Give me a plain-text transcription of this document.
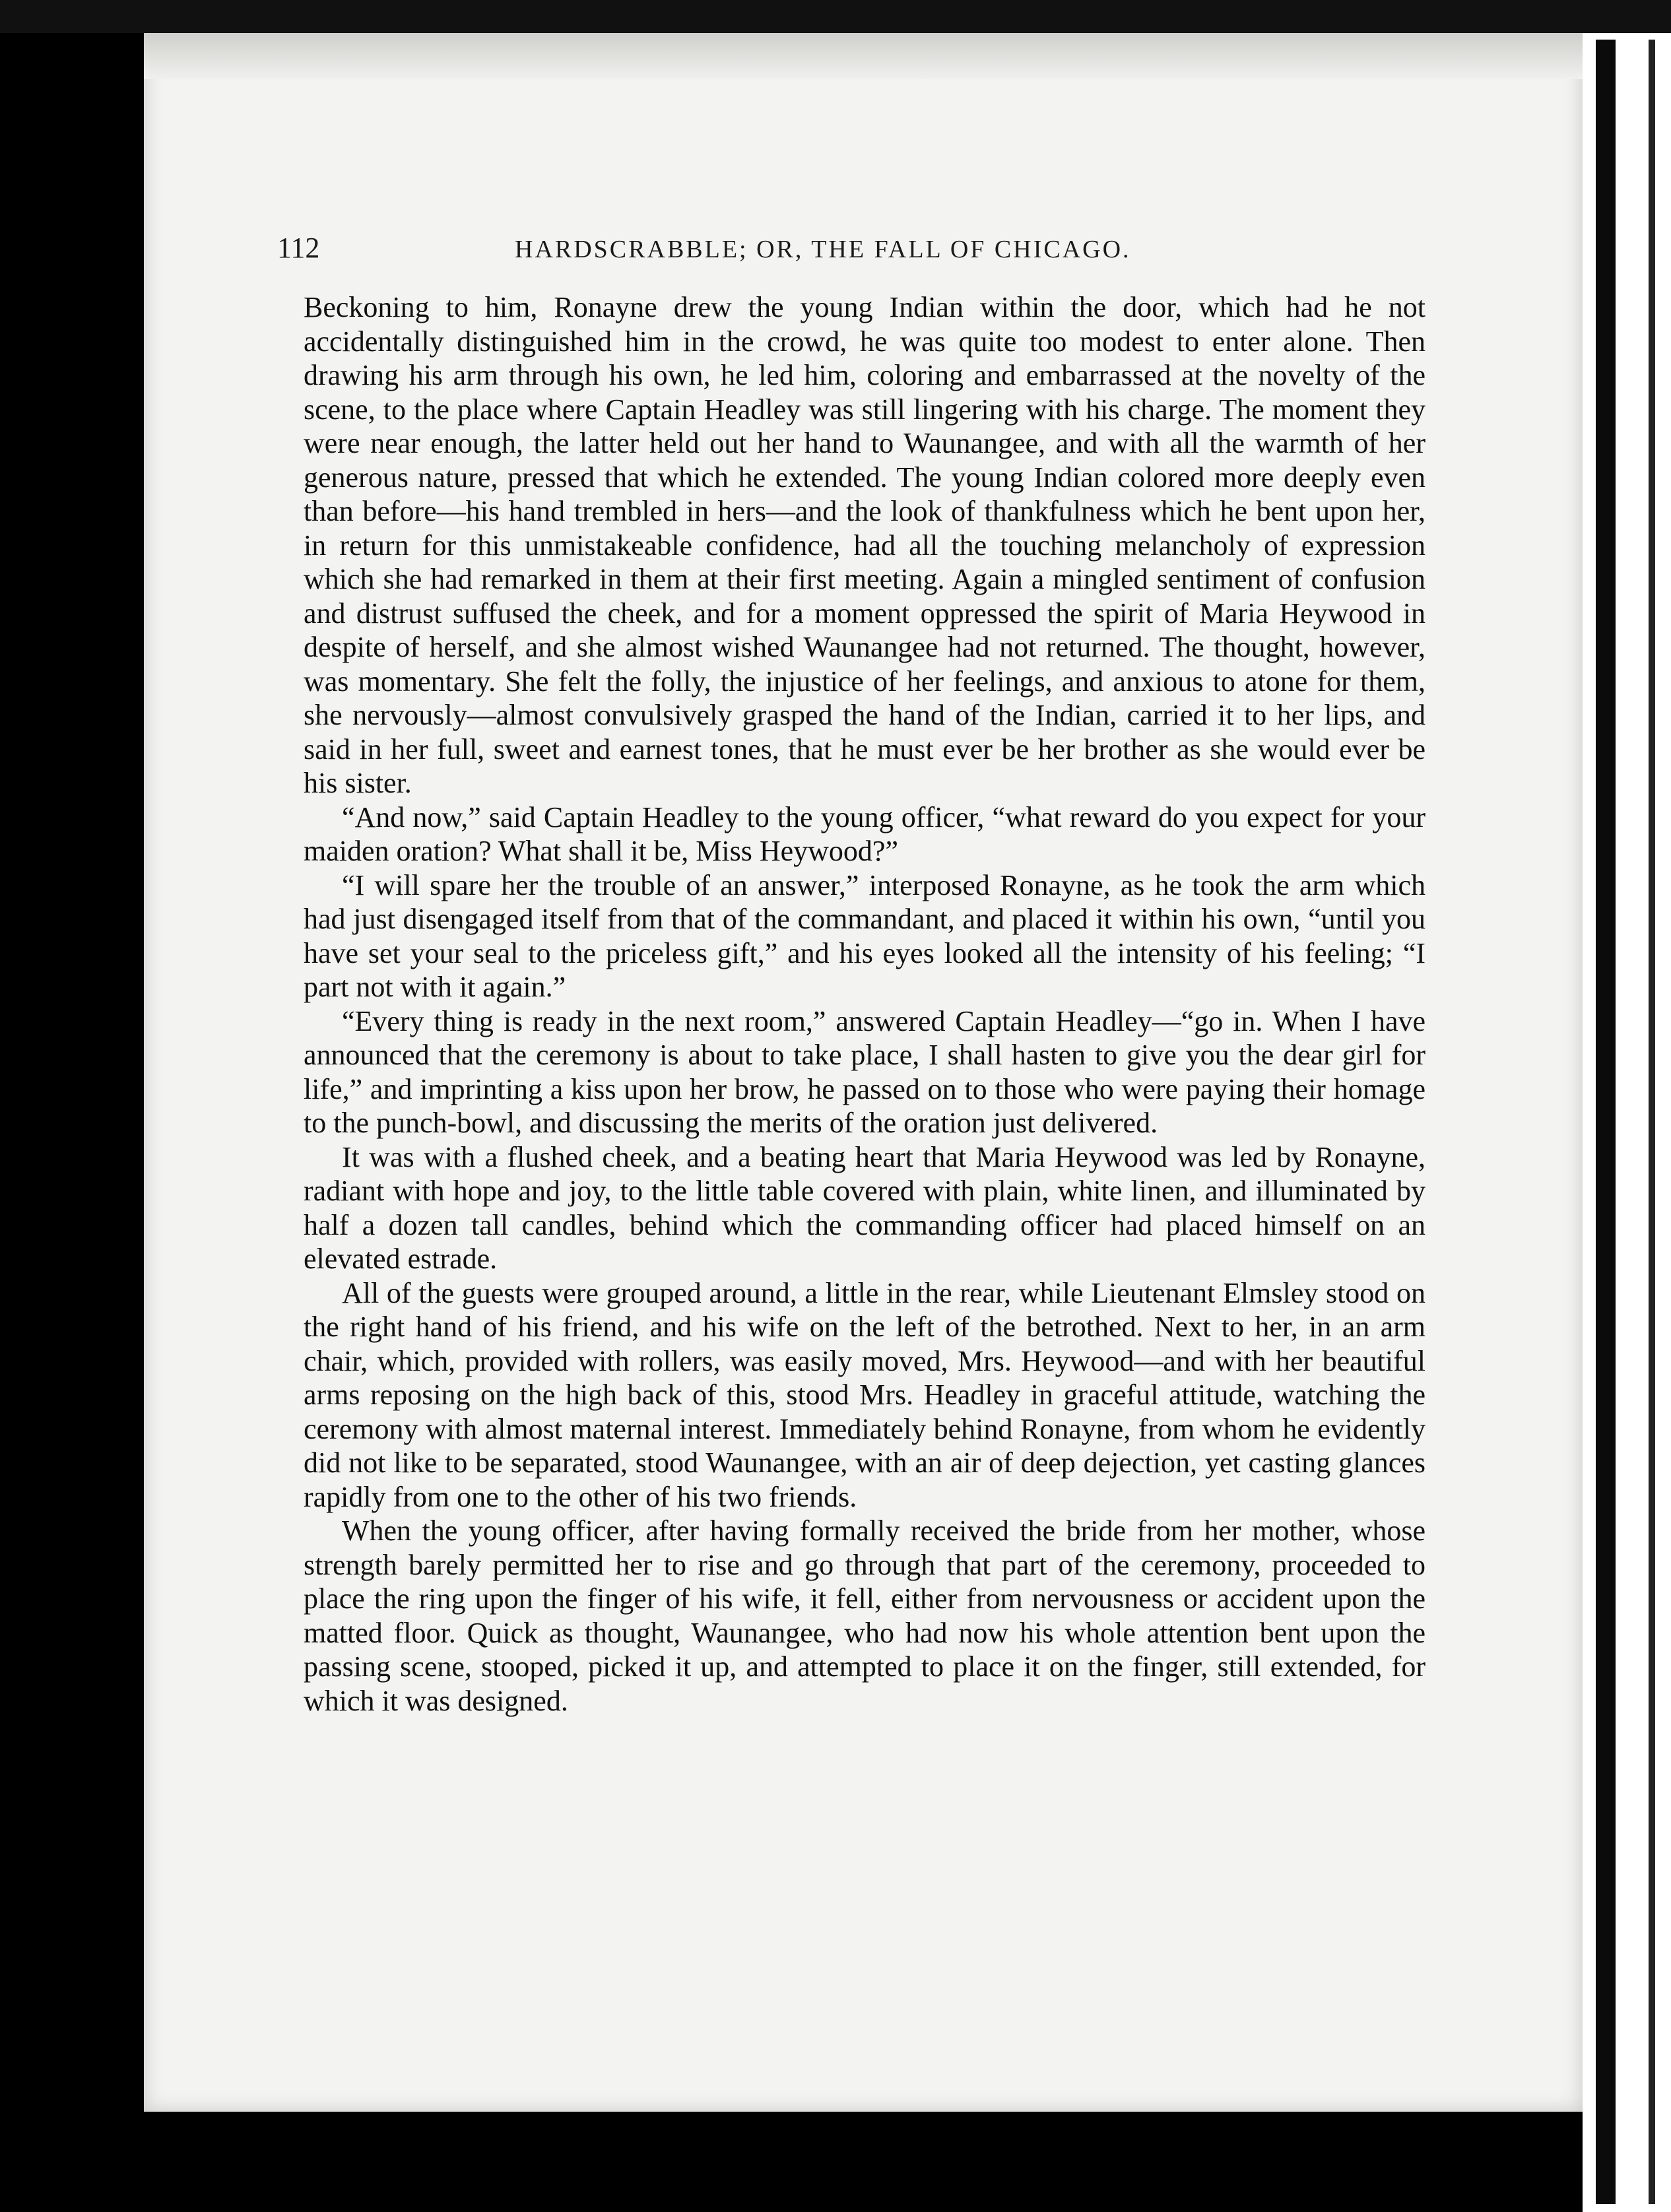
112	HARDSCRABBLE; OR, THE FALL OF CHICAGO.

Beckoning to him, Ronayne drew the young Indian within the door, which had he not accidentally distinguished him in the crowd, he was quite too modest to enter alone. Then drawing his arm through his own, he led him, coloring and embarrassed at the novelty of the scene, to the place where Captain Headley was still lingering with his charge. The moment they were near enough, the latter held out her hand to Waunangee, and with all the warmth of her generous nature, pressed that which he extended. The young Indian colored more deeply even than before—his hand trembled in hers—and the look of thankfulness which he bent upon her, in return for this unmistakeable confidence, had all the touching melancholy of expression which she had remarked in them at their first meeting. Again a mingled sentiment of confusion and distrust suffused the cheek, and for a moment oppressed the spirit of Maria Heywood in despite of herself, and she almost wished Waunangee had not returned. The thought, however, was momentary. She felt the folly, the injustice of her feelings, and anxious to atone for them, she nervously—almost convulsively grasped the hand of the Indian, carried it to her lips, and said in her full, sweet and earnest tones, that he must ever be her brother as she would ever be his sister.

“And now,” said Captain Headley to the young officer, “what reward do you expect for your maiden oration? What shall it be, Miss Heywood?”

“I will spare her the trouble of an answer,” interposed Ronayne, as he took the arm which had just disengaged itself from that of the commandant, and placed it within his own, “until you have set your seal to the priceless gift,” and his eyes looked all the intensity of his feeling; “I part not with it again.”

“Every thing is ready in the next room,” answered Captain Headley—“go in. When I have announced that the ceremony is about to take place, I shall hasten to give you the dear girl for life,” and imprinting a kiss upon her brow, he passed on to those who were paying their homage to the punch-bowl, and discussing the merits of the oration just delivered.

It was with a flushed cheek, and a beating heart that Maria Heywood was led by Ronayne, radiant with hope and joy, to the little table covered with plain, white linen, and illuminated by half a dozen tall candles, behind which the commanding officer had placed himself on an elevated estrade.

All of the guests were grouped around, a little in the rear, while Lieutenant Elmsley stood on the right hand of his friend, and his wife on the left of the betrothed. Next to her, in an arm chair, which, provided with rollers, was easily moved, Mrs. Heywood—and with her beautiful arms reposing on the high back of this, stood Mrs. Headley in graceful attitude, watching the ceremony with almost maternal interest. Immediately behind Ronayne, from whom he evidently did not like to be separated, stood Waunangee, with an air of deep dejection, yet casting glances rapidly from one to the other of his two friends.

When the young officer, after having formally received the bride from her mother, whose strength barely permitted her to rise and go through that part of the ceremony, proceeded to place the ring upon the finger of his wife, it fell, either from nervousness or accident upon the matted floor. Quick as thought, Waunangee, who had now his whole attention bent upon the passing scene, stooped, picked it up, and attempted to place it on the finger, still extended, for which it was designed.
